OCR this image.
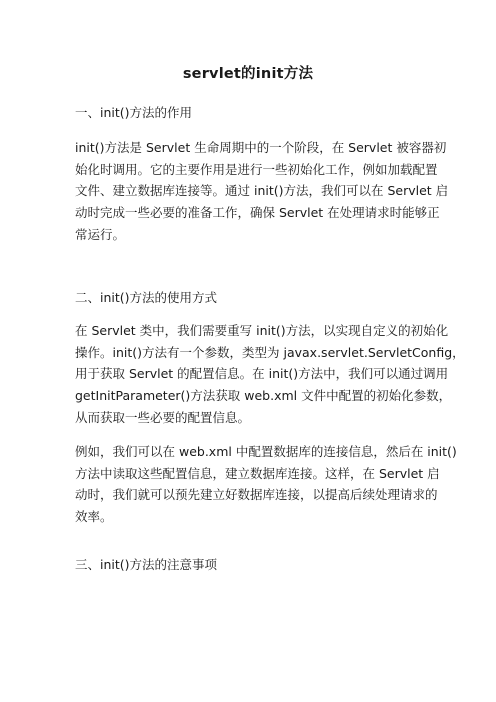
servlet的init方法
一、init()方法的作用
init()方法是 Servlet 生命周期中的一个阶段，在 Servlet 被容器初
始化时调用。它的主要作用是进行一些初始化工作，例如加载配置
文件、建立数据库连接等。通过 init()方法，我们可以在 Servlet 启
动时完成一些必要的准备工作，确保 Servlet 在处理请求时能够正
常运行。
二、init()方法的使用方式
在 Servlet 类中，我们需要重写 init()方法，以实现自定义的初始化
操作。init()方法有一个参数，类型为 javax.servlet.ServletConfig，
用于获取 Servlet 的配置信息。在 init()方法中，我们可以通过调用
getInitParameter()方法获取 web.xml 文件中配置的初始化参数，
从而获取一些必要的配置信息。
例如，我们可以在 web.xml 中配置数据库的连接信息，然后在 init()
方法中读取这些配置信息，建立数据库连接。这样，在 Servlet 启
动时，我们就可以预先建立好数据库连接，以提高后续处理请求的
效率。
三、init()方法的注意事项
